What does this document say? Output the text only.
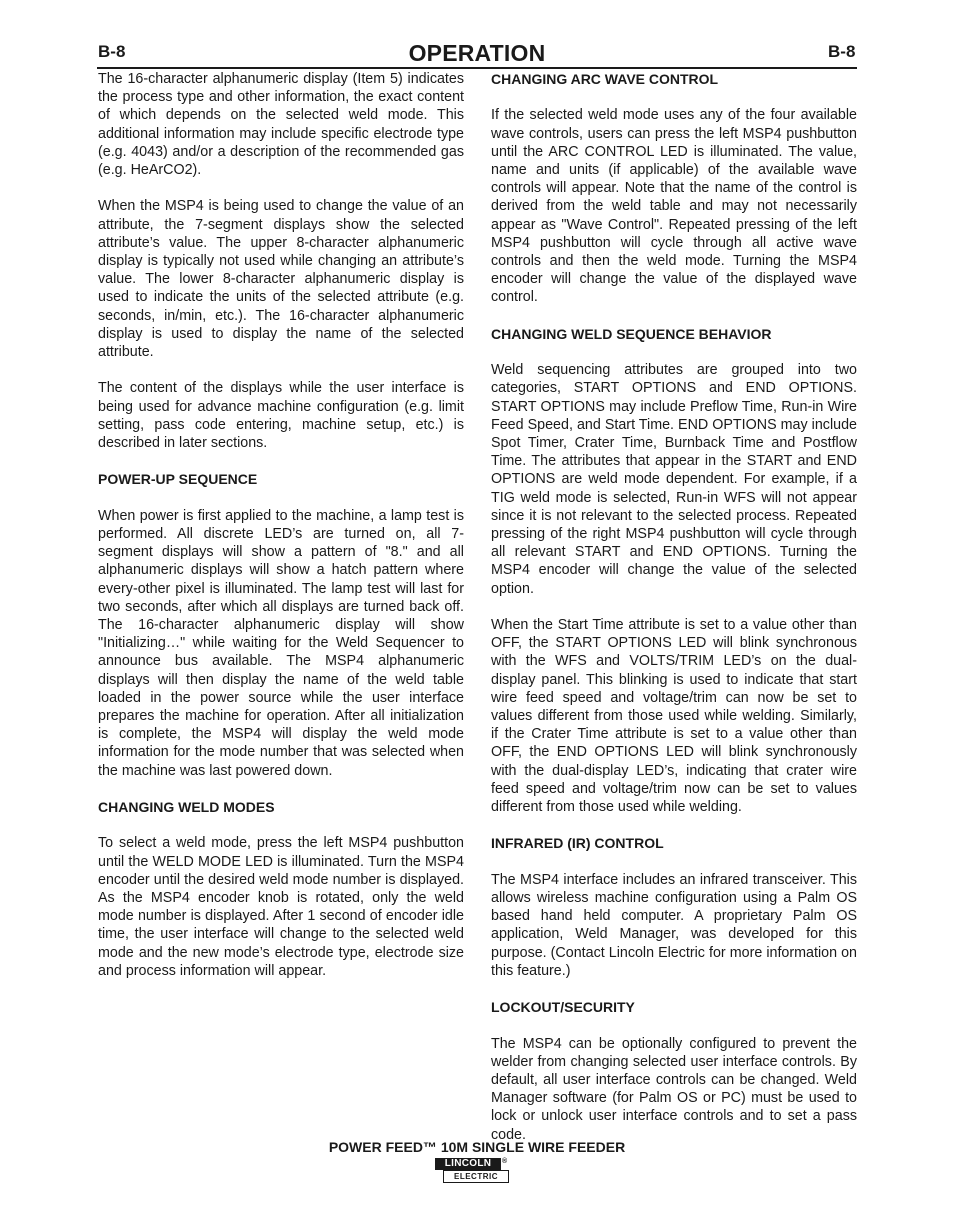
B-8	OPERATION	B-8

The 16-character alphanumeric display (Item 5) indicates the process type and other information, the exact content of which depends on the selected weld mode. This additional information may include specific electrode type (e.g. 4043) and/or a description of the recommended gas (e.g. HeArCO2).

When the MSP4 is being used to change the value of an attribute, the 7-segment displays show the selected attribute’s value. The upper 8-character alphanumeric display is typically not used while changing an attribute’s value. The lower 8-character alphanumeric display is used to indicate the units of the selected attribute (e.g. seconds, in/min, etc.). The 16-character alphanumeric display is used to display the name of the selected attribute.

The content of the displays while the user interface is being used for advance machine configuration (e.g. limit setting, pass code entering, machine setup, etc.) is described in later sections.

POWER-UP SEQUENCE

When power is first applied to the machine, a lamp test is performed. All discrete LED’s are turned on, all 7-segment displays will show a pattern of "8." and all alphanumeric displays will show a hatch pattern where every-other pixel is illuminated. The lamp test will last for two seconds, after which all displays are turned back off. The 16-character alphanumeric display will show "Initializing…" while waiting for the Weld Sequencer to announce bus available. The MSP4 alphanumeric displays will then display the name of the weld table loaded in the power source while the user interface prepares the machine for operation. After all initialization is complete, the MSP4 will display the weld mode information for the mode number that was selected when the machine was last powered down.

CHANGING WELD MODES

To select a weld mode, press the left MSP4 pushbutton until the WELD MODE LED is illuminated. Turn the MSP4 encoder until the desired weld mode number is displayed. As the MSP4 encoder knob is rotated, only the weld mode number is displayed. After 1 second of encoder idle time, the user interface will change to the selected weld mode and the new mode’s electrode type, electrode size and process information will appear.

CHANGING ARC WAVE CONTROL

If the selected weld mode uses any of the four available wave controls, users can press the left MSP4 pushbutton until the ARC CONTROL LED is illuminated. The value, name and units (if applicable) of the available wave controls will appear. Note that the name of the control is derived from the weld table and may not necessarily appear as "Wave Control". Repeated pressing of the left MSP4 pushbutton will cycle through all active wave controls and then the weld mode. Turning the MSP4 encoder will change the value of the displayed wave control.

CHANGING WELD SEQUENCE BEHAVIOR

Weld sequencing attributes are grouped into two categories, START OPTIONS and END OPTIONS. START OPTIONS may include Preflow Time, Run-in Wire Feed Speed, and Start Time. END OPTIONS may include Spot Timer, Crater Time, Burnback Time and Postflow Time. The attributes that appear in the START and END OPTIONS are weld mode dependent. For example, if a TIG weld mode is selected, Run-in WFS will not appear since it is not relevant to the selected process. Repeated pressing of the right MSP4 pushbutton will cycle through all relevant START and END OPTIONS. Turning the MSP4 encoder will change the value of the selected option.

When the Start Time attribute is set to a value other than OFF, the START OPTIONS LED will blink synchronous with the WFS and VOLTS/TRIM LED’s on the dual-display panel. This blinking is used to indicate that start wire feed speed and voltage/trim can now be set to values different from those used while welding. Similarly, if the Crater Time attribute is set to a value other than OFF, the END OPTIONS LED will blink synchronously with the dual-display LED’s, indicating that crater wire feed speed and voltage/trim now can be set to values different from those used while welding.

INFRARED (IR) CONTROL

The MSP4 interface includes an infrared transceiver. This allows wireless machine configuration using a Palm OS based hand held computer. A proprietary Palm OS application, Weld Manager, was developed for this purpose. (Contact Lincoln Electric for more information on this feature.)

LOCKOUT/SECURITY

The MSP4 can be optionally configured to prevent the welder from changing selected user interface controls. By default, all user interface controls can be changed. Weld Manager software (for Palm OS or PC) must be used to lock or unlock user interface controls and to set a pass code.

POWER FEED™ 10M SINGLE WIRE FEEDER
LINCOLN	®
ELECTRIC
